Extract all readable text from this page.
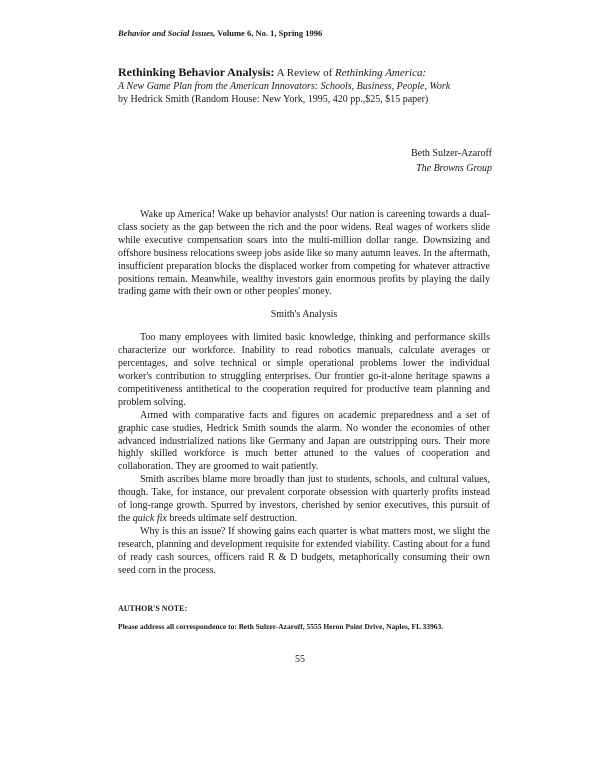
Behavior and Social Issues, Volume 6, No. 1, Spring 1996
Rethinking Behavior Analysis: A Review of Rethinking America:
A New Game Plan from the American Innovators: Schools, Business, People, Work
by Hedrick Smith (Random House: New York, 1995, 420 pp.,$25, $15 paper)
Beth Sulzer-Azaroff
The Browns Group

Wake up America! Wake up behavior analysts! Our nation is careening towards a dual-class society as the gap between the rich and the poor widens. Real wages of workers slide while executive compensation soars into the multi-million dollar range. Downsizing and offshore business relocations sweep jobs aside like so many autumn leaves. In the aftermath, insufficient preparation blocks the displaced worker from competing for whatever attractive positions remain. Meanwhile, wealthy investors gain enormous profits by playing the daily trading game with their own or other peoples' money.

Smith's Analysis

Too many employees with limited basic knowledge, thinking and performance skills characterize our workforce. Inability to read robotics manuals, calculate averages or percentages, and solve technical or simple operational problems lower the individual worker's contribution to struggling enterprises. Our frontier go-it-alone heritage spawns a competitiveness antithetical to the cooperation required for productive team planning and problem solving.

Armed with comparative facts and figures on academic preparedness and a set of graphic case studies, Hedrick Smith sounds the alarm. No wonder the economies of other advanced industrialized nations like Germany and Japan are outstripping ours. Their more highly skilled workforce is much better attuned to the values of cooperation and collaboration. They are groomed to wait patiently.

Smith ascribes blame more broadly than just to students, schools, and cultural values, though. Take, for instance, our prevalent corporate obsession with quarterly profits instead of long-range growth. Spurred by investors, cherished by senior executives, this pursuit of the quick fix breeds ultimate self destruction.

Why is this an issue? If showing gains each quarter is what matters most, we slight the research, planning and development requisite for extended viability. Casting about for a fund of ready cash sources, officers raid R & D budgets, metaphorically consuming their own seed corn in the process.

AUTHOR'S NOTE:
Please address all correspondence to: Beth Sulzer-Azaroff, 5555 Heron Point Drive, Naples, FL 33963.
55
